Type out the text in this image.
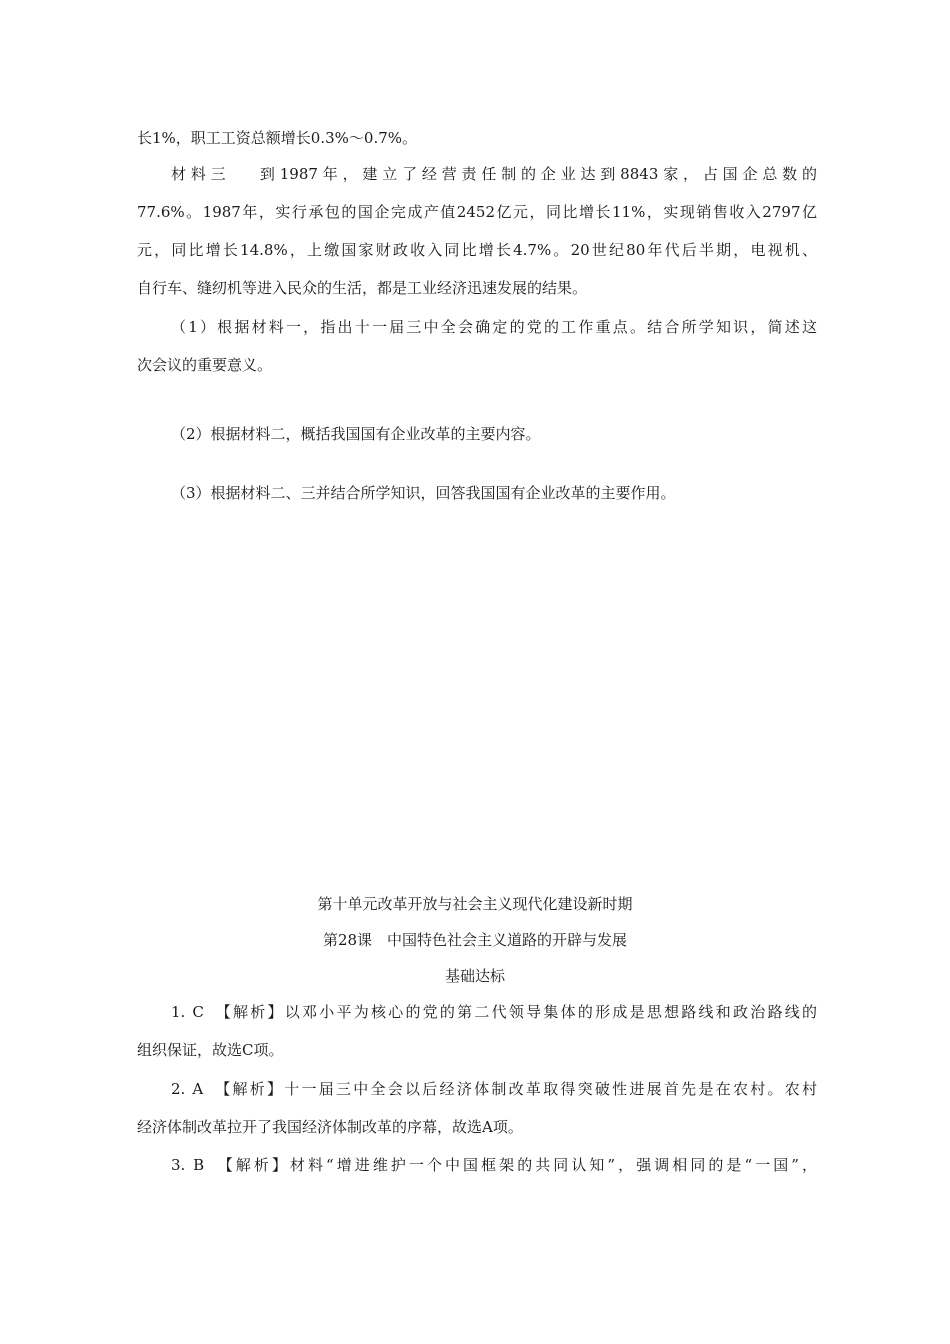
长1%，职工工资总额增长0.3%～0.7%。
材料三　 到1987年，建立了经营责任制的企业达到8843家，占国企总数的
77.6%。1987年，实行承包的国企完成产值2452亿元，同比增长11%，实现销售收入2797亿
元，同比增长14.8%，上缴国家财政收入同比增长4.7%。20世纪80年代后半期，电视机、
自行车、缝纫机等进入民众的生活，都是工业经济迅速发展的结果。
（1）根据材料一，指出十一届三中全会确定的党的工作重点。结合所学知识，简述这
次会议的重要意义。
（2）根据材料二，概括我国国有企业改革的主要内容。
（3）根据材料二、三并结合所学知识，回答我国国有企业改革的主要作用。
第十单元改革开放与社会主义现代化建设新时期
第28课　中国特色社会主义道路的开辟与发展
基础达标
1. C　【解析】以邓小平为核心的党的第二代领导集体的形成是思想路线和政治路线的
组织保证，故选C项。
2. A　【解析】十一届三中全会以后经济体制改革取得突破性进展首先是在农村。农村
经济体制改革拉开了我国经济体制改革的序幕，故选A项。
3. B　【解析】材料“增进维护一个中国框架的共同认知”，强调相同的是“一国”，
